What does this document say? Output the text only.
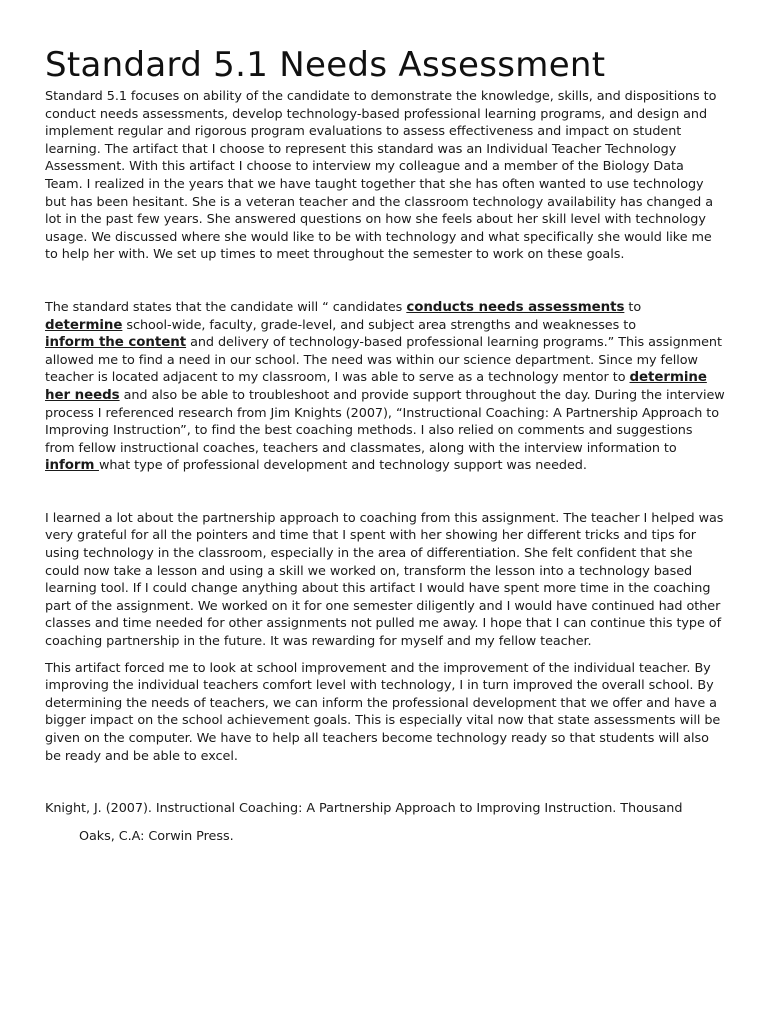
Standard 5.1 Needs Assessment

Standard 5.1 focuses on ability of the candidate to demonstrate the knowledge, skills, and dispositions to conduct needs assessments, develop technology-based professional learning programs, and design and implement regular and rigorous program evaluations to assess effectiveness and impact on student learning. The artifact that I choose to represent this standard was an Individual Teacher Technology Assessment. With this artifact I choose to interview my colleague and a member of the Biology Data Team. I realized in the years that we have taught together that she has often wanted to use technology but has been hesitant. She is a veteran teacher and the classroom technology availability has changed a lot in the past few years. She answered questions on how she feels about her skill level with technology usage. We discussed where she would like to be with technology and what specifically she would like me to help her with. We set up times to meet throughout the semester to work on these goals.

The standard states that the candidate will “ candidates conducts needs assessments to
determine school-wide, faculty, grade-level, and subject area strengths and weaknesses to
inform the content and delivery of technology-based professional learning programs.” This assignment allowed me to find a need in our school. The need was within our science department. Since my fellow teacher is located adjacent to my classroom, I was able to serve as a technology mentor to determine her needs and also be able to troubleshoot and provide support throughout the day. During the interview process I referenced research from Jim Knights (2007), “Instructional Coaching: A Partnership Approach to Improving Instruction”, to find the best coaching methods. I also relied on comments and suggestions from fellow instructional coaches, teachers and classmates, along with the interview information to inform what type of professional development and technology support was needed.

I learned a lot about the partnership approach to coaching from this assignment. The teacher I helped was very grateful for all the pointers and time that I spent with her showing her different tricks and tips for using technology in the classroom, especially in the area of differentiation. She felt confident that she could now take a lesson and using a skill we worked on, transform the lesson into a technology based learning tool. If I could change anything about this artifact I would have spent more time in the coaching part of the assignment. We worked on it for one semester diligently and I would have continued had other classes and time needed for other assignments not pulled me away. I hope that I can continue this type of coaching partnership in the future. It was rewarding for myself and my fellow teacher.

This artifact forced me to look at school improvement and the improvement of the individual teacher. By improving the individual teachers comfort level with technology, I in turn improved the overall school. By determining the needs of teachers, we can inform the professional development that we offer and have a bigger impact on the school achievement goals. This is especially vital now that state assessments will be given on the computer. We have to help all teachers become technology ready so that students will also be ready and be able to excel.

Knight, J. (2007). Instructional Coaching: A Partnership Approach to Improving Instruction. Thousand

Oaks, C.A: Corwin Press.
